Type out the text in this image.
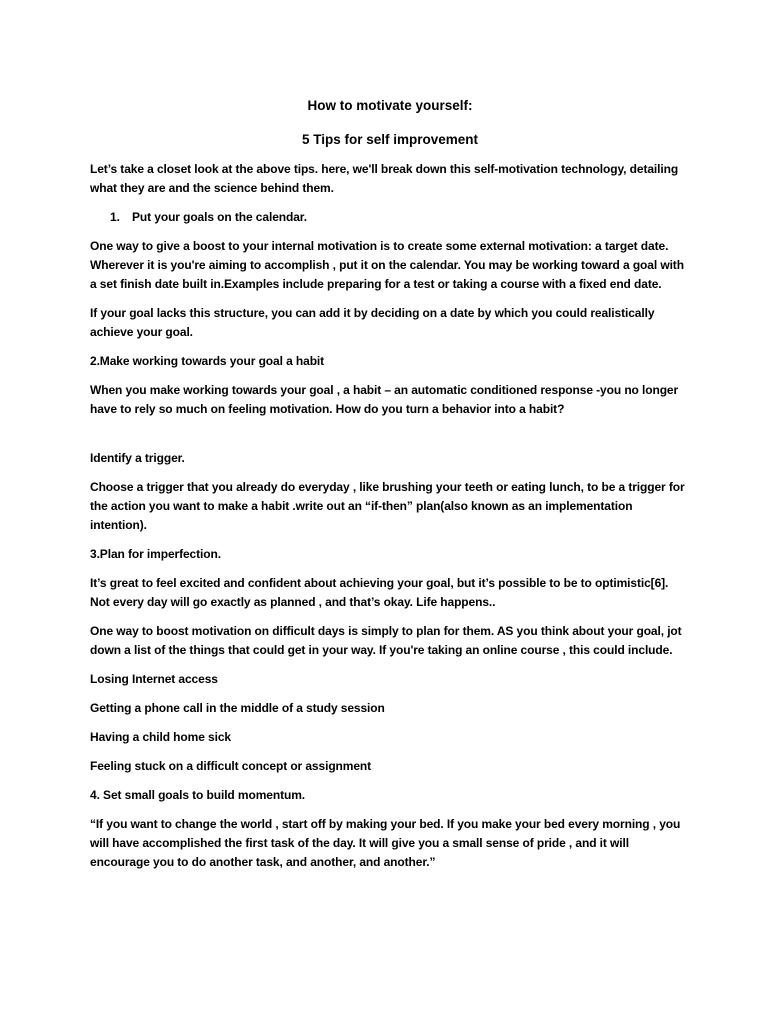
How to motivate yourself:
5 Tips for self improvement

Let’s take a closet look at the above tips. here, we'll break down this self-motivation technology, detailing what they are and the science behind them.

1. Put your goals on the calendar.

One way to give a boost to your internal motivation is to create some external motivation: a target date. Wherever it is you're aiming to accomplish , put it on the calendar. You may be working toward a goal with a set finish date built in.Examples include preparing for a test or taking a course with a fixed end date.

If your goal lacks this structure, you can add it by deciding on a date by which you could realistically achieve your goal.

2.Make working towards your goal a habit

When you make working towards your goal , a habit – an automatic conditioned response -you no longer have to rely so much on feeling motivation. How do you turn a behavior into a habit?

Identify a trigger.

Choose a trigger that you already do everyday , like brushing your teeth or eating lunch, to be a trigger for the action you want to make a habit .write out an “if-then” plan(also known as an implementation intention).

3.Plan for imperfection.

It’s great to feel excited and confident about achieving your goal, but it’s possible to be to optimistic[6]. Not every day will go exactly as planned , and that’s okay. Life happens..

One way to boost motivation on difficult days is simply to plan for them. AS you think about your goal, jot down a list of the things that could get in your way. If you're taking an online course , this could include.

Losing Internet access

Getting a phone call in the middle of a study session

Having a child home sick

Feeling stuck on a difficult concept or assignment

4. Set small goals to build momentum.

“If you want to change the world , start off by making your bed. If you make your bed every morning , you will have accomplished the first task of the day. It will give you a small sense of pride , and it will encourage you to do another task, and another, and another.”
